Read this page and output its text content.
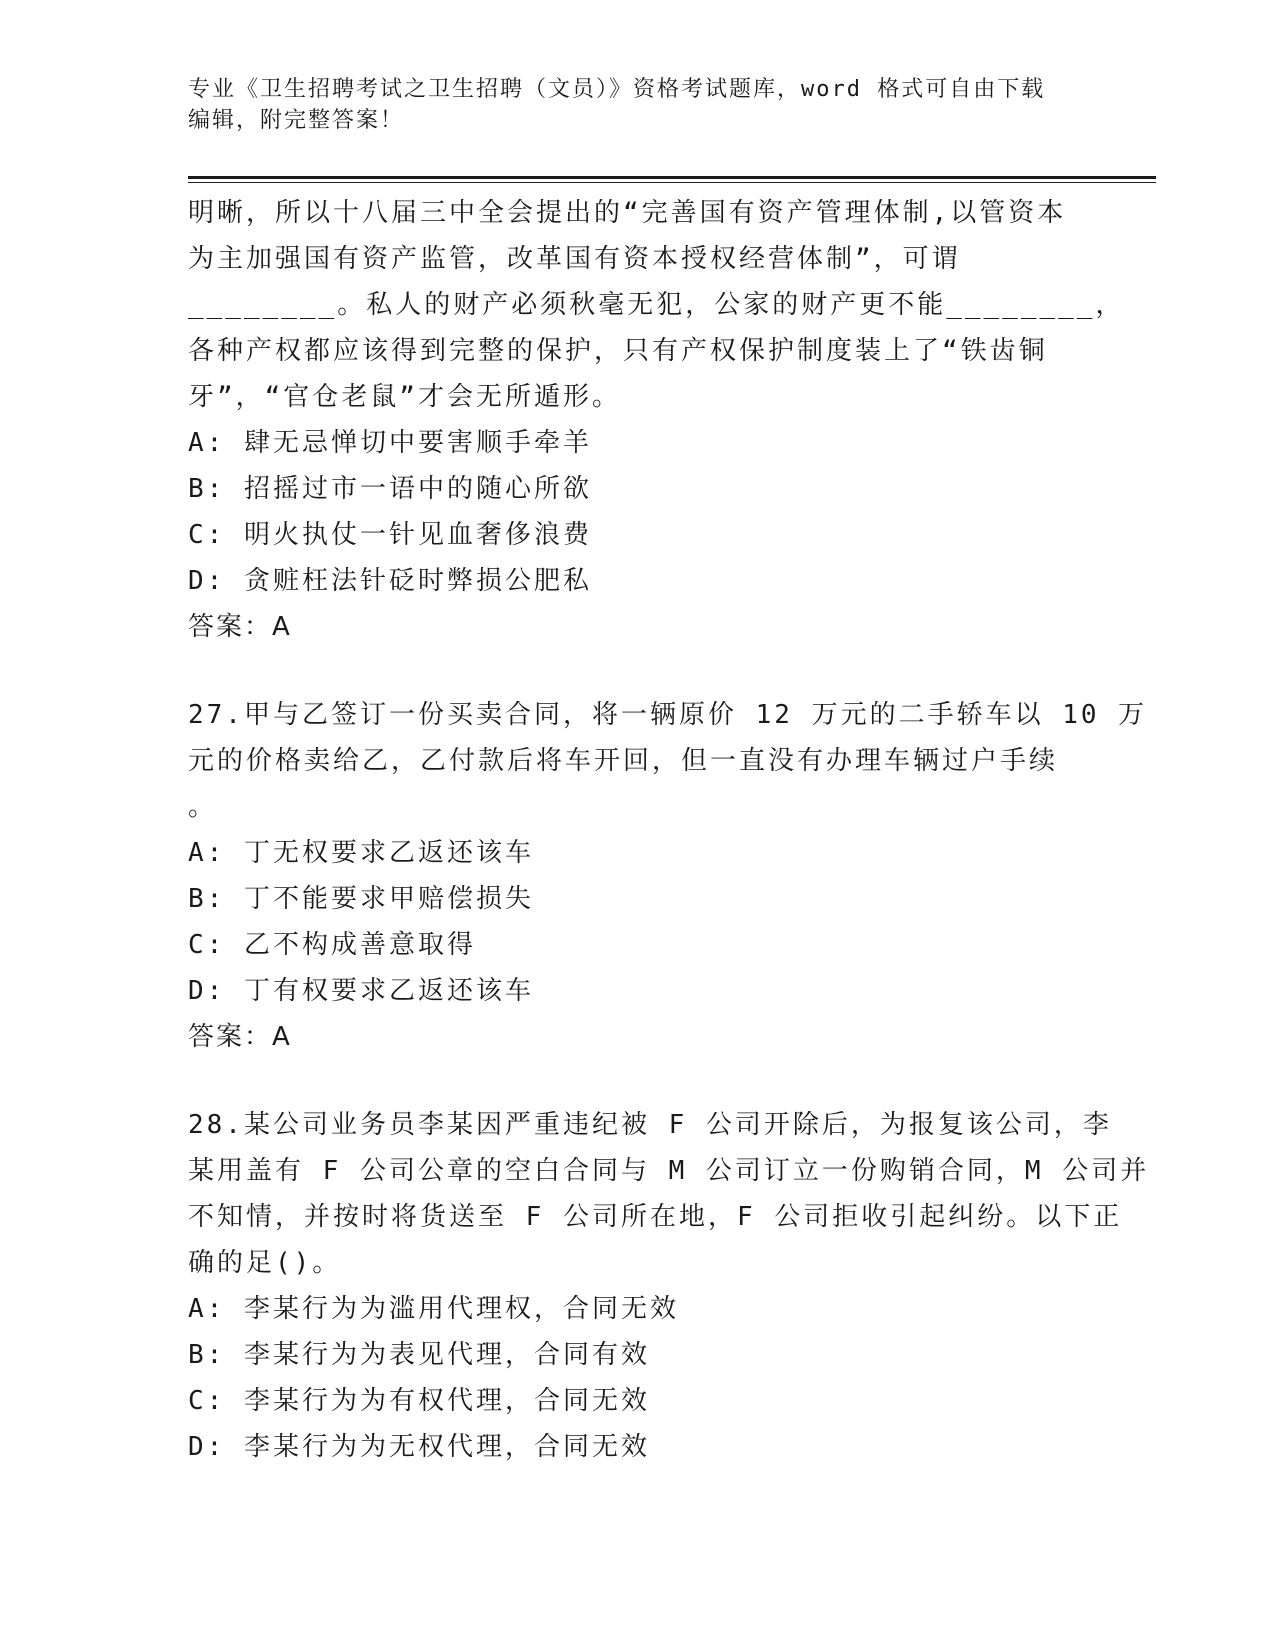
专业《卫生招聘考试之卫生招聘（文员）》资格考试题库，word 格式可自由下载

编辑，附完整答案！

明晰，所以十八届三中全会提出的“完善国有资产管理体制,以管资本
为主加强国有资产监管，改革国有资本授权经营体制”，可谓
________。私人的财产必须秋毫无犯，公家的财产更不能________，
各种产权都应该得到完整的保护，只有产权保护制度装上了“铁齿铜
牙”，“官仓老鼠”才会无所遁形。
A: 肆无忌惮切中要害顺手牵羊
B: 招摇过市一语中的随心所欲
C: 明火执仗一针见血奢侈浪费
D: 贪赃枉法针砭时弊损公肥私
答案：A
27.甲与乙签订一份买卖合同，将一辆原价 12 万元的二手轿车以 10 万
元的价格卖给乙，乙付款后将车开回，但一直没有办理车辆过户手续
。
A: 丁无权要求乙返还该车
B: 丁不能要求甲赔偿损失
C: 乙不构成善意取得
D: 丁有权要求乙返还该车
答案：A
28.某公司业务员李某因严重违纪被 F 公司开除后，为报复该公司，李
某用盖有 F 公司公章的空白合同与 M 公司订立一份购销合同，M 公司并
不知情，并按时将货送至 F 公司所在地，F 公司拒收引起纠纷。以下正
确的足()。
A: 李某行为为滥用代理权，合同无效
B: 李某行为为表见代理，合同有效
C: 李某行为为有权代理，合同无效
D: 李某行为为无权代理，合同无效
